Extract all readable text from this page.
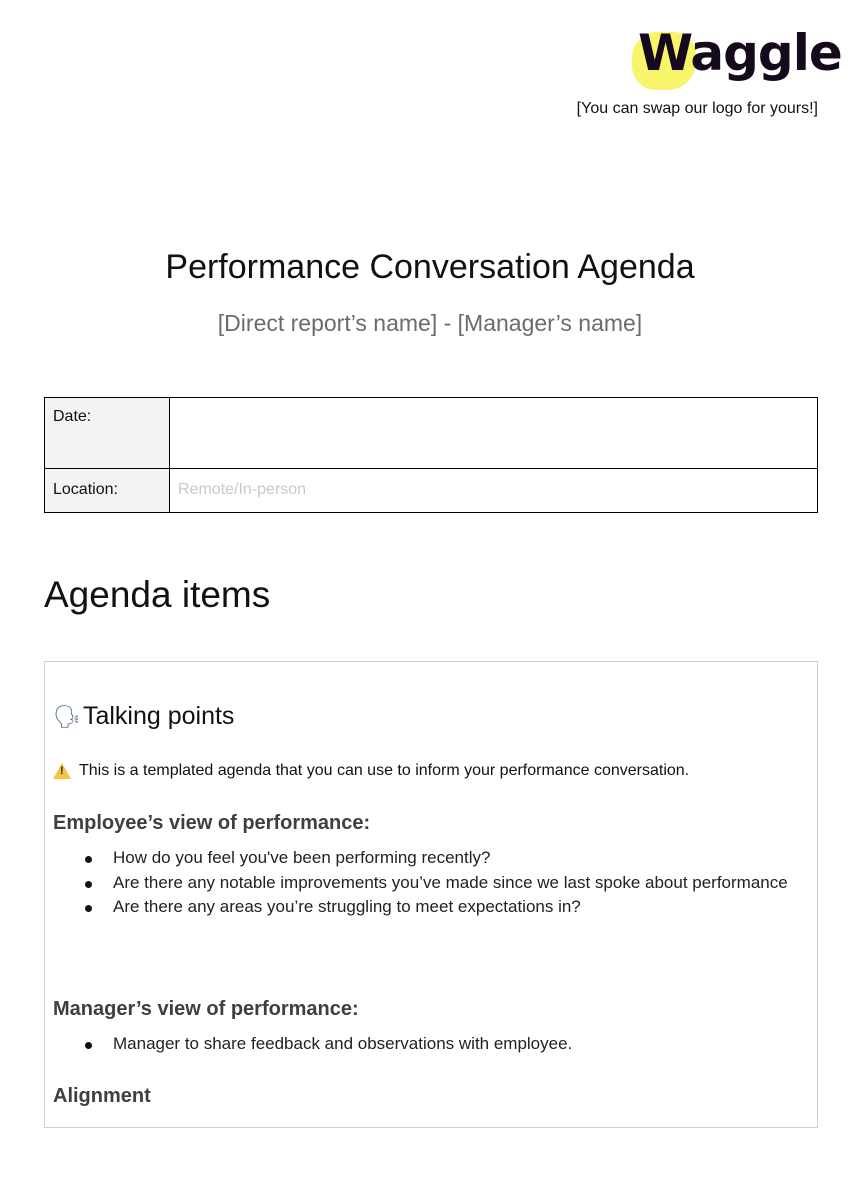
Waggle
[You can swap our logo for yours!]
Performance Conversation Agenda
[Direct report’s name] - [Manager’s name]
Date:	
Location:	Remote/In-person
Agenda items
🗣 Talking points
! This is a templated agenda that you can use to inform your performance conversation.
Employee’s view of performance:
How do you feel you've been performing recently?
Are there any notable improvements you’ve made since we last spoke about performance
Are there any areas you’re struggling to meet expectations in?
Manager’s view of performance:
Manager to share feedback and observations with employee.
Alignment
